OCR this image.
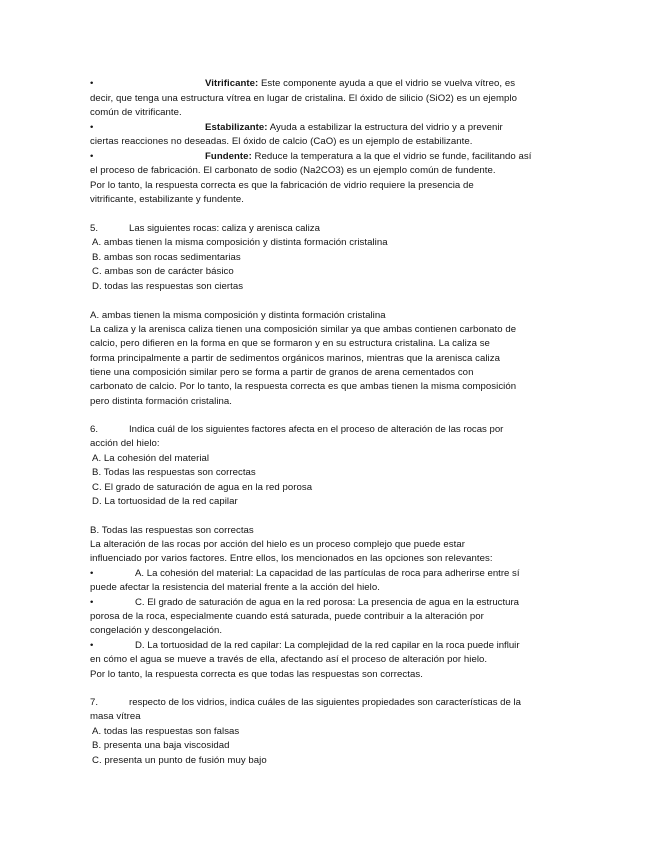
•	Vitrificante: Este componente ayuda a que el vidrio se vuelva vítreo, es
decir, que tenga una estructura vítrea en lugar de cristalina. El óxido de silicio (SiO2) es un ejemplo
común de vitrificante.
•	Estabilizante: Ayuda a estabilizar la estructura del vidrio y a prevenir
ciertas reacciones no deseadas. El óxido de calcio (CaO) es un ejemplo de estabilizante.
•	Fundente: Reduce la temperatura a la que el vidrio se funde, facilitando así
el proceso de fabricación. El carbonato de sodio (Na2CO3) es un ejemplo común de fundente.
Por lo tanto, la respuesta correcta es que la fabricación de vidrio requiere la presencia de
vitrificante, estabilizante y fundente.
5.	Las siguientes rocas: caliza y arenisca caliza
A. ambas tienen la misma composición y distinta formación cristalina
B. ambas son rocas sedimentarias
C. ambas son de carácter básico
D. todas las respuestas son ciertas
A. ambas tienen la misma composición y distinta formación cristalina
La caliza y la arenisca caliza tienen una composición similar ya que ambas contienen carbonato de
calcio, pero difieren en la forma en que se formaron y en su estructura cristalina. La caliza se
forma principalmente a partir de sedimentos orgánicos marinos, mientras que la arenisca caliza
tiene una composición similar pero se forma a partir de granos de arena cementados con
carbonato de calcio. Por lo tanto, la respuesta correcta es que ambas tienen la misma composición
pero distinta formación cristalina.
6.	Indica cuál de los siguientes factores afecta en el proceso de alteración de las rocas por
acción del hielo:
A. La cohesión del material
B. Todas las respuestas son correctas
C. El grado de saturación de agua en la red porosa
D. La tortuosidad de la red capilar
B. Todas las respuestas son correctas
La alteración de las rocas por acción del hielo es un proceso complejo que puede estar
influenciado por varios factores. Entre ellos, los mencionados en las opciones son relevantes:
•	A. La cohesión del material: La capacidad de las partículas de roca para adherirse entre sí
puede afectar la resistencia del material frente a la acción del hielo.
•	C. El grado de saturación de agua en la red porosa: La presencia de agua en la estructura
porosa de la roca, especialmente cuando está saturada, puede contribuir a la alteración por
congelación y descongelación.
•	D. La tortuosidad de la red capilar: La complejidad de la red capilar en la roca puede influir
en cómo el agua se mueve a través de ella, afectando así el proceso de alteración por hielo.
Por lo tanto, la respuesta correcta es que todas las respuestas son correctas.
7.	respecto de los vidrios, indica cuáles de las siguientes propiedades son características de la
masa vítrea
A. todas las respuestas son falsas
B. presenta una baja viscosidad
C. presenta un punto de fusión muy bajo
